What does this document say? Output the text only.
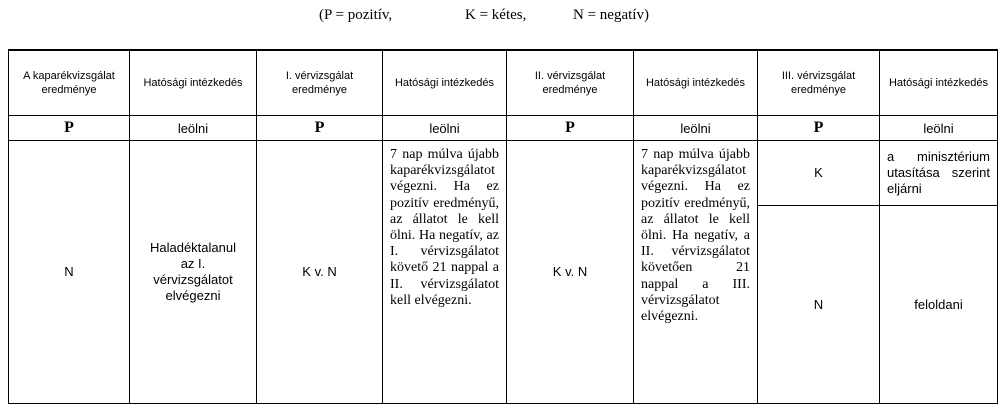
(P = pozitív,	K = kétes,	N = negatív)
A kaparékvizsgálat eredménye	Hatósági intézkedés	I. vérvizsgálat eredménye	Hatósági intézkedés	II. vérvizsgálat eredménye	Hatósági intézkedés	III. vérvizsgálat eredménye	Hatósági intézkedés

P	leölni	P	leölni	P	leölni	P	leölni
N	Haladéktalanul az I. vérvizsgálatot elvégezni	K v. N	7 nap múlva újabb kaparékvizsgálatot végezni. Ha ez pozitív eredményű, az állatot le kell ölni. Ha negatív, az I. vérvizsgálatot követő 21 nappal a II. vérvizsgálatot kell elvégezni.	K v. N	7 nap múlva újabb kaparékvizsgálatot végezni. Ha ez pozitív eredményű, az állatot le kell ölni. Ha negatív, a II. vérvizsgálatot követően 21 nappal a III. vérvizsgálatot elvégezni.	K	a minisztérium utasítása szerint eljárni

						N	feloldani
